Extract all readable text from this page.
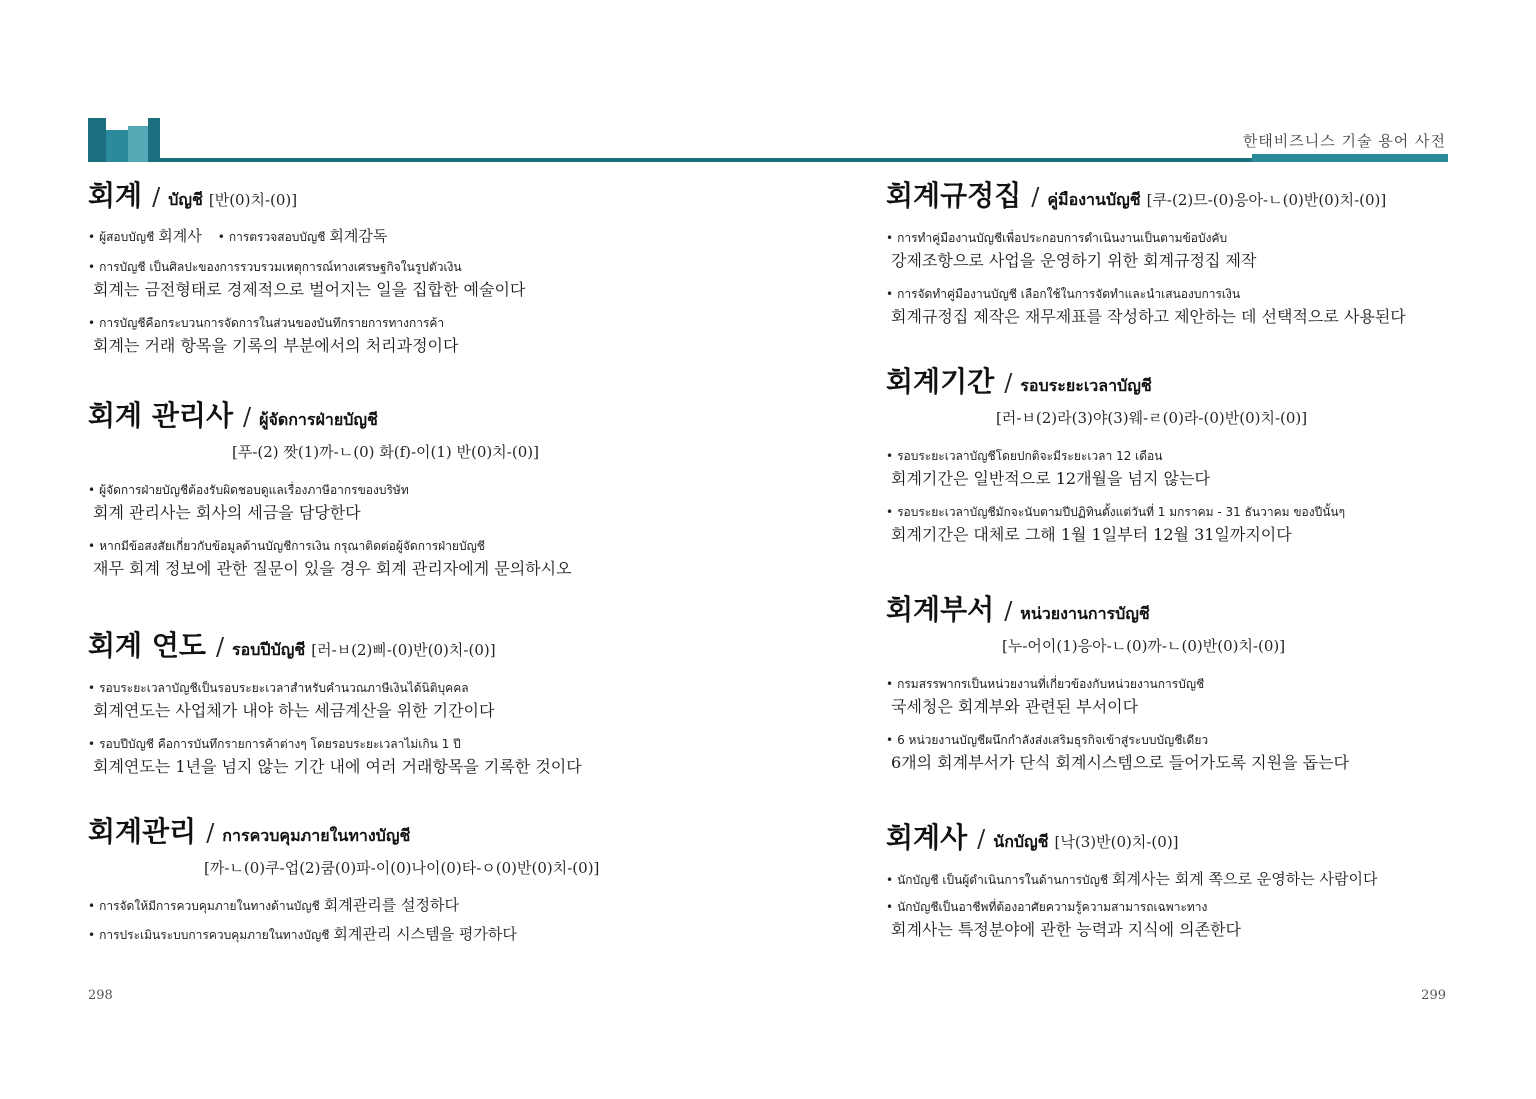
한태비즈니스 기술 용어 사전
회계 / บัญชี [반(0)치-(0)]
• ผู้สอบบัญชี 회계사 • การตรวจสอบบัญชี 회계감독
• การบัญชี เป็นศิลปะของการรวบรวมเหตุการณ์ทางเศรษฐกิจในรูปตัวเงิน
회계는 금전형태로 경제적으로 벌어지는 일을 집합한 예술이다
• การบัญชีคือกระบวนการจัดการในส่วนของบันทึกรายการทางการค้า
회계는 거래 항목을 기록의 부분에서의 처리과정이다
회계 관리사 / ผู้จัดการฝ่ายบัญชี
[푸-(2) 짯(1)까-ㄴ(0) 화(f)-이(1) 반(0)치-(0)]
• ผู้จัดการฝ่ายบัญชีต้องรับผิดชอบดูแลเรื่องภาษีอากรของบริษัท
회계 관리사는 회사의 세금을 담당한다
• หากมีข้อสงสัยเกี่ยวกับข้อมูลด้านบัญชีการเงิน กรุณาติดต่อผู้จัดการฝ่ายบัญชี
재무 회계 정보에 관한 질문이 있을 경우 회계 관리자에게 문의하시오
회계 연도 / รอบปีบัญชี [러-ㅂ(2)삐-(0)반(0)치-(0)]
• รอบระยะเวลาบัญชีเป็นรอบระยะเวลาสำหรับคำนวณภาษีเงินได้นิติบุคคล
회계연도는 사업체가 내야 하는 세금계산을 위한 기간이다
• รอบปีบัญชี คือการบันทึกรายการค้าต่างๆ โดยรอบระยะเวลาไม่เกิน 1 ปี
회계연도는 1년을 넘지 않는 기간 내에 여러 거래항목을 기록한 것이다
회계관리 / การควบคุมภายในทางบัญชี
[까-ㄴ(0)쿠-업(2)쿰(0)파-이(0)나이(0)타-ㅇ(0)반(0)치-(0)]
• การจัดให้มีการควบคุมภายในทางด้านบัญชี 회계관리를 설정하다
• การประเมินระบบการควบคุมภายในทางบัญชี 회계관리 시스템을 평가하다
회계규정집 / คู่มืองานบัญชี [쿠-(2)므-(0)응아-ㄴ(0)반(0)치-(0)]
• การทำคู่มืองานบัญชีเพื่อประกอบการดำเนินงานเป็นตามข้อบังคับ
강제조항으로 사업을 운영하기 위한 회계규정집 제작
• การจัดทำคู่มืองานบัญชี เลือกใช้ในการจัดทำและนำเสนองบการเงิน
회계규정집 제작은 재무제표를 작성하고 제안하는 데 선택적으로 사용된다
회계기간 / รอบระยะเวลาบัญชี
[러-ㅂ(2)라(3)야(3)웨-ㄹ(0)라-(0)반(0)치-(0)]
• รอบระยะเวลาบัญชีโดยปกติจะมีระยะเวลา 12 เดือน
회계기간은 일반적으로 12개월을 넘지 않는다
• รอบระยะเวลาบัญชีมักจะนับตามปีปฏิทินตั้งแต่วันที่ 1 มกราคม - 31 ธันวาคม ของปีนั้นๆ
회계기간은 대체로 그해 1월 1일부터 12월 31일까지이다
회계부서 / หน่วยงานการบัญชี
[누-어이(1)응아-ㄴ(0)까-ㄴ(0)반(0)치-(0)]
• กรมสรรพากรเป็นหน่วยงานที่เกี่ยวข้องกับหน่วยงานการบัญชี
국세청은 회계부와 관련된 부서이다
• 6 หน่วยงานบัญชีผนึกกำลังส่งเสริมธุรกิจเข้าสู่ระบบบัญชีเดียว
6개의 회계부서가 단식 회계시스템으로 들어가도록 지원을 돕는다
회계사 / นักบัญชี [낙(3)반(0)치-(0)]
• นักบัญชี เป็นผู้ดำเนินการในด้านการบัญชี 회계사는 회계 쪽으로 운영하는 사람이다
• นักบัญชีเป็นอาชีพที่ต้องอาศัยความรู้ความสามารถเฉพาะทาง
회계사는 특정분야에 관한 능력과 지식에 의존한다
298	299
